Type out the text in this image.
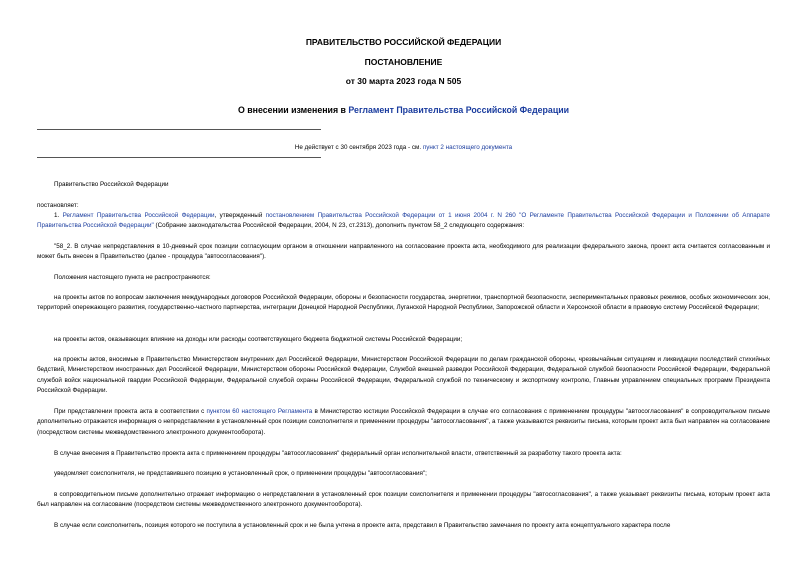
ПРАВИТЕЛЬСТВО РОССИЙСКОЙ ФЕДЕРАЦИИ
ПОСТАНОВЛЕНИЕ
от 30 марта 2023 года N 505
О внесении изменения в Регламент Правительства Российской Федерации
Не действует с 30 сентября 2023 года - см. пункт 2 настоящего документа
Правительство Российской Федерации
постановляет:
1. Регламент Правительства Российской Федерации, утвержденный постановлением Правительства Российской Федерации от 1 июня 2004 г. N 260 "О Регламенте Правительства Российской Федерации и Положении об Аппарате Правительства Российской Федерации" (Собрание законодательства Российской Федерации, 2004, N 23, ст.2313), дополнить пунктом 58_2 следующего содержания:
"58_2. В случае непредставления в 10-дневный срок позиции согласующим органом в отношении направленного на согласование проекта акта, необходимого для реализации федерального закона, проект акта считается согласованным и может быть внесен в Правительство (далее - процедура "автосогласования").
Положения настоящего пункта не распространяются:
на проекты актов по вопросам заключения международных договоров Российской Федерации, обороны и безопасности государства, энергетики, транспортной безопасности, экспериментальных правовых режимов, особых экономических зон, территорий опережающего развития, государственно-частного партнерства, интеграции Донецкой Народной Республики, Луганской Народной Республики, Запорожской области и Херсонской области в правовую систему Российской Федерации;
на проекты актов, оказывающих влияние на доходы или расходы соответствующего бюджета бюджетной системы Российской Федерации;
на проекты актов, вносимые в Правительство Министерством внутренних дел Российской Федерации, Министерством Российской Федерации по делам гражданской обороны, чрезвычайным ситуациям и ликвидации последствий стихийных бедствий, Министерством иностранных дел Российской Федерации, Министерством обороны Российской Федерации, Службой внешней разведки Российской Федерации, Федеральной службой безопасности Российской Федерации, Федеральной службой войск национальной гвардии Российской Федерации, Федеральной службой охраны Российской Федерации, Федеральной службой по техническому и экспортному контролю, Главным управлением специальных программ Президента Российской Федерации.
При представлении проекта акта в соответствии с пунктом 60 настоящего Регламента в Министерство юстиции Российской Федерации в случае его согласования с применением процедуры "автосогласования" в сопроводительном письме дополнительно отражается информация о непредставлении в установленный срок позиции соисполнителя и применении процедуры "автосогласования", а также указываются реквизиты письма, которым проект акта был направлен на согласование (посредством системы межведомственного электронного документооборота).
В случае внесения в Правительство проекта акта с применением процедуры "автосогласования" федеральный орган исполнительной власти, ответственный за разработку такого проекта акта:
уведомляет соисполнителя, не представившего позицию в установленный срок, о применении процедуры "автосогласования";
в сопроводительном письме дополнительно отражает информацию о непредставлении в установленный срок позиции соисполнителя и применении процедуры "автосогласования", а также указывает реквизиты письма, которым проект акта был направлен на согласование (посредством системы межведомственного электронного документооборота).
В случае если соисполнитель, позиция которого не поступила в установленный срок и не была учтена в проекте акта, представил в Правительство замечания по проекту акта концептуального характера после
